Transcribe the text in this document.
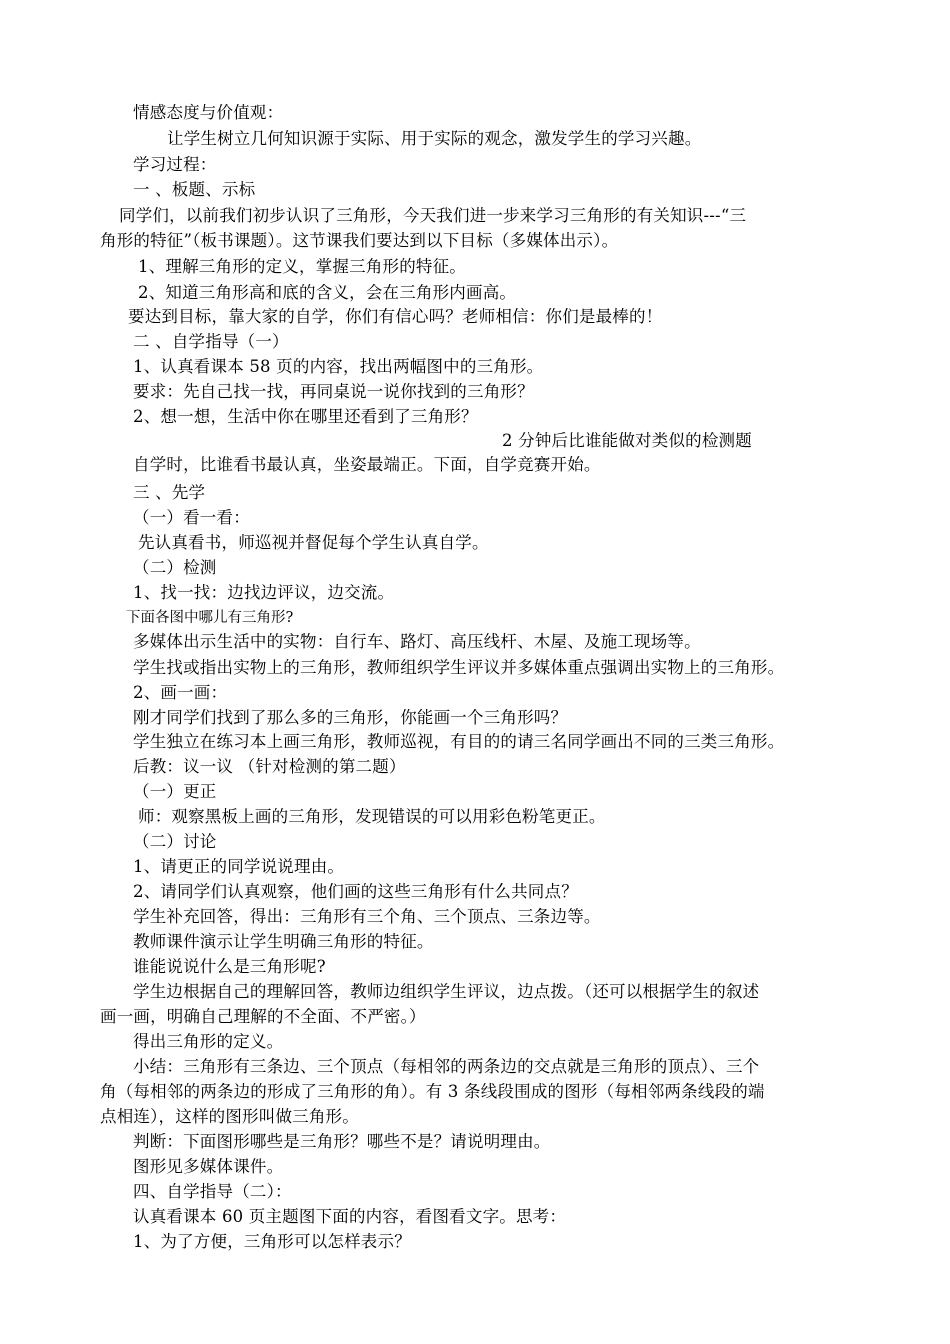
情感态度与价值观：
让学生树立几何知识源于实际、用于实际的观念，激发学生的学习兴趣。
学习过程：
一 、板题、示标
同学们，以前我们初步认识了三角形，今天我们进一步来学习三角形的有关知识---“三
角形的特征”（板书课题）。这节课我们要达到以下目标（多媒体出示）。
1、理解三角形的定义，掌握三角形的特征。
2、知道三角形高和底的含义，会在三角形内画高。
要达到目标，靠大家的自学，你们有信心吗？老师相信：你们是最棒的！
二 、自学指导（一）
1、认真看课本 58 页的内容，找出两幅图中的三角形。
要求：先自己找一找，再同桌说一说你找到的三角形？
2、想一想，生活中你在哪里还看到了三角形？
2 分钟后比谁能做对类似的检测题
自学时，比谁看书最认真，坐姿最端正。下面，自学竞赛开始。
三 、先学
（一）看一看：
先认真看书，师巡视并督促每个学生认真自学。
（二）检测
1、找一找：边找边评议，边交流。
下面各图中哪儿有三角形?
多媒体出示生活中的实物：自行车、路灯、高压线杆、木屋、及施工现场等。
学生找或指出实物上的三角形，教师组织学生评议并多媒体重点强调出实物上的三角形。
2、画一画：
刚才同学们找到了那么多的三角形，你能画一个三角形吗？
学生独立在练习本上画三角形，教师巡视，有目的的请三名同学画出不同的三类三角形。
后教：议一议 （针对检测的第二题）
（一）更正
师：观察黑板上画的三角形，发现错误的可以用彩色粉笔更正。
（二）讨论
1、请更正的同学说说理由。
2、请同学们认真观察，他们画的这些三角形有什么共同点？
学生补充回答，得出：三角形有三个角、三个顶点、三条边等。
教师课件演示让学生明确三角形的特征。
谁能说说什么是三角形呢?
学生边根据自己的理解回答，教师边组织学生评议，边点拨。（还可以根据学生的叙述
画一画，明确自己理解的不全面、不严密。）
得出三角形的定义。
小结：三角形有三条边、三个顶点（每相邻的两条边的交点就是三角形的顶点）、三个
角（每相邻的两条边的形成了三角形的角）。有 3 条线段围成的图形（每相邻两条线段的端
点相连），这样的图形叫做三角形。
判断：下面图形哪些是三角形？哪些不是？请说明理由。
图形见多媒体课件。
四、自学指导（二）：
认真看课本 60 页主题图下面的内容，看图看文字。思考：
1、为了方便，三角形可以怎样表示？
